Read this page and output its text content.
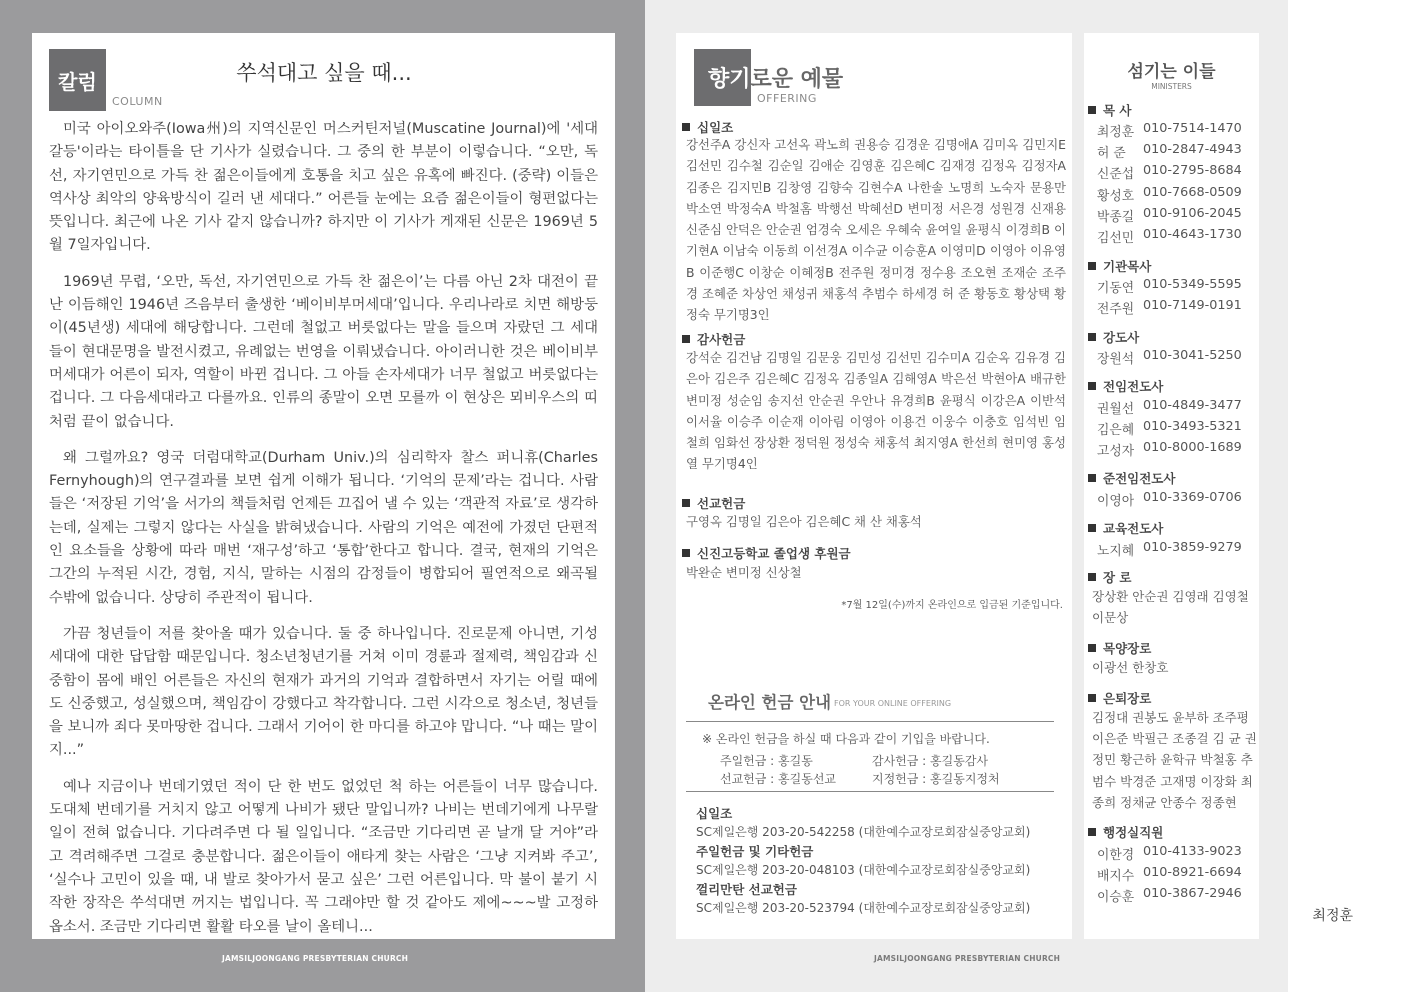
칼럼
COLUMN
쑤석대고 싶을 때...

미국 아이오와주(Iowa州)의 지역신문인 머스커틴저널(Muscatine Journal)에 '세대갈등'이라는 타이틀을 단 기사가 실렸습니다. 그 중의 한 부분이 이렇습니다. “오만, 독선, 자기연민으로 가득 찬 젊은이들에게 호통을 치고 싶은 유혹에 빠진다. (중략) 이들은 역사상 최악의 양육방식이 길러 낸 세대다.” 어른들 눈에는 요즘 젊은이들이 형편없다는 뜻입니다. 최근에 나온 기사 같지 않습니까? 하지만 이 기사가 게재된 신문은 1969년 5월 7일자입니다.

1969년 무렵, ‘오만, 독선, 자기연민으로 가득 찬 젊은이’는 다름 아닌 2차 대전이 끝난 이듬해인 1946년 즈음부터 출생한 ‘베이비부머세대’입니다. 우리나라로 치면 해방둥이(45년생) 세대에 해당합니다. 그런데 철없고 버릇없다는 말을 들으며 자랐던 그 세대들이 현대문명을 발전시켰고, 유례없는 번영을 이뤄냈습니다. 아이러니한 것은 베이비부머세대가 어른이 되자, 역할이 바뀐 겁니다. 그 아들 손자세대가 너무 철없고 버릇없다는 겁니다. 그 다음세대라고 다를까요. 인류의 종말이 오면 모를까 이 현상은 뫼비우스의 띠처럼 끝이 없습니다.

왜 그럴까요? 영국 더럼대학교(Durham Univ.)의 심리학자 찰스 퍼니휴(Charles Fernyhough)의 연구결과를 보면 쉽게 이해가 됩니다. ‘기억의 문제’라는 겁니다. 사람들은 ‘저장된 기억’을 서가의 책들처럼 언제든 끄집어 낼 수 있는 ‘객관적 자료’로 생각하는데, 실제는 그렇지 않다는 사실을 밝혀냈습니다. 사람의 기억은 예전에 가졌던 단편적인 요소들을 상황에 따라 매번 ‘재구성’하고 ‘통합’한다고 합니다. 결국, 현재의 기억은 그간의 누적된 시간, 경험, 지식, 말하는 시점의 감정들이 병합되어 필연적으로 왜곡될 수밖에 없습니다. 상당히 주관적이 됩니다.

가끔 청년들이 저를 찾아올 때가 있습니다. 둘 중 하나입니다. 진로문제 아니면, 기성세대에 대한 답답함 때문입니다. 청소년청년기를 거쳐 이미 경륜과 절제력, 책임감과 신중함이 몸에 배인 어른들은 자신의 현재가 과거의 기억과 결합하면서 자기는 어릴 때에도 신중했고, 성실했으며, 책임감이 강했다고 착각합니다. 그런 시각으로 청소년, 청년들을 보니까 죄다 못마땅한 겁니다. 그래서 기어이 한 마디를 하고야 맙니다. “나 때는 말이지...”

예나 지금이나 번데기였던 적이 단 한 번도 없었던 척 하는 어른들이 너무 많습니다. 도대체 번데기를 거치지 않고 어떻게 나비가 됐단 말입니까? 나비는 번데기에게 나무랄 일이 전혀 없습니다. 기다려주면 다 될 일입니다. “조금만 기다리면 곧 날개 달 거야”라고 격려해주면 그걸로 충분합니다. 젊은이들이 애타게 찾는 사람은 ‘그냥 지켜봐 주고’, ‘실수나 고민이 있을 때, 내 발로 찾아가서 묻고 싶은’ 그런 어른입니다. 막 불이 붙기 시작한 장작은 쑤석대면 꺼지는 법입니다. 꼭 그래야만 할 것 같아도 제에~~~발 고정하옵소서. 조금만 기다리면 활활 타오를 날이 올테니...

최정훈
JAMSILJOONGANG PRESBYTERIAN CHURCH
향기로운 예물
OFFERING
십일조
강선주A 강신자 고선옥 곽노희 권용승 김경운 김명애A 김미옥 김민지E 김선민 김수철 김순일 김애순 김영훈 김은혜C 김재경 김정옥 김정자A 김종은 김지민B 김창영 김향숙 김현수A 나한솔 노명희 노숙자 문용만 박소연 박정숙A 박철홈 박행선 박혜선D 변미정 서은경 성원경 신재용 신준심 안덕은 안순권 엄경숙 오세은 우혜숙 윤여일 윤평식 이경희B 이기현A 이남숙 이동희 이선경A 이수균 이승훈A 이영미D 이영아 이유영B 이준행C 이창순 이혜정B 전주원 정미경 정수용 조오현 조재순 조주경 조혜준 차상언 채성귀 채홍석 추범수 하세경 허 준 황동호 황상택 황정숙 무기명3인
감사헌금
강석순 김건남 김명일 김문웅 김민성 김선민 김수미A 김순옥 김유경 김은아 김은주 김은혜C 김정옥 김종일A 김해영A 박은선 박현아A 배규한 변미정 성순임 송지선 안순권 우안나 유경희B 윤평식 이강은A 이반석 이서율 이승주 이순재 이아림 이영아 이용건 이웅수 이충호 임석빈 임철희 임화선 장상환 정덕원 정성숙 채홍석 최지영A 한선희 현미영 홍성열 무기명4인
선교헌금
구영옥 김명일 김은아 김은혜C 채 산 채홍석
신진고등학교 졸업생 후원금
박완순 변미정 신상철
*7월 12일(수)까지 온라인으로 입금된 기준입니다.
온라인 헌금 안내 FOR YOUR ONLINE OFFERING
※ 온라인 헌금을 하실 때 다음과 같이 기입을 바랍니다.
주일헌금 : 홍길동	감사헌금 : 홍길동감사
선교헌금 : 홍길동선교	지정헌금 : 홍길동지정처
십일조
SC제일은행 203-20-542258 (대한예수교장로회잠실중앙교회)
주일헌금 및 기타헌금
SC제일은행 203-20-048103 (대한예수교장로회잠실중앙교회)
껄리만탄 선교헌금
SC제일은행 203-20-523794 (대한예수교장로회잠실중앙교회)
섬기는 이들
MINISTERS
목 사
최정훈 010-7514-1470
허 준 010-2847-4943
신준섭 010-2795-8684
황성호 010-7668-0509
박종길 010-9106-2045
김선민 010-4643-1730
기관목사
기동연 010-5349-5595
전주원 010-7149-0191
강도사
장원석 010-3041-5250
전임전도사
권월선 010-4849-3477
김은혜 010-3493-5321
고성자 010-8000-1689
준전임전도사
이영아 010-3369-0706
교육전도사
노지혜 010-3859-9279
장 로
장상환 안순권 김영래 김영철 이문상
목양장로
이광선 한창호
은퇴장로
김정대 권봉도 윤부하 조주평 이은준 박필근 조종걸 김 균 권정민 황근하 윤학규 박철홍 추범수 박경준 고재명 이장화 최종희 정채균 안종수 정종현
행정실직원
이한경 010-4133-9023
배지수 010-8921-6694
이승훈 010-3867-2946
JAMSILJOONGANG PRESBYTERIAN CHURCH
